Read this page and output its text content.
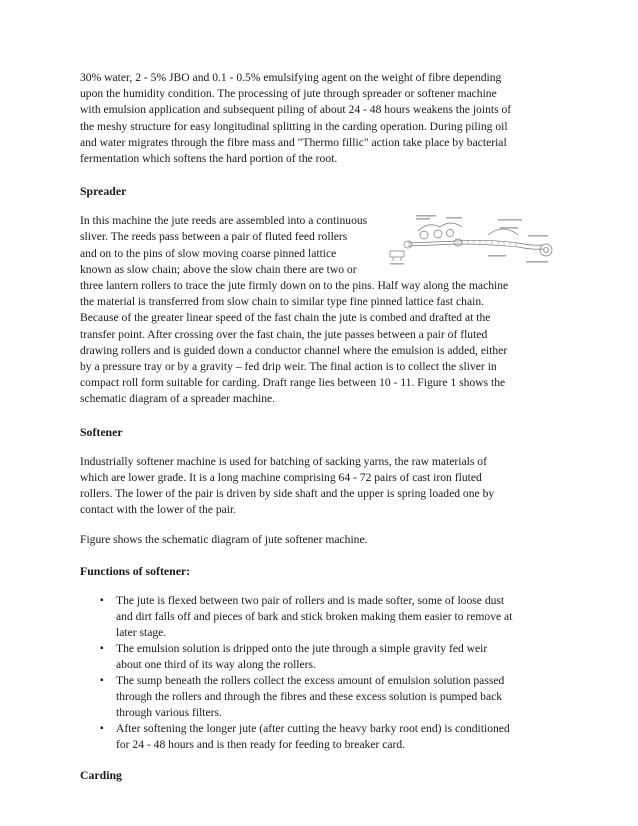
30% water, 2 - 5% JBO and 0.1 - 0.5% emulsifying agent on the weight of fibre depending

upon the humidity condition. The processing of jute through spreader or softener machine

with emulsion application and subsequent piling of about 24 - 48 hours weakens the joints of

the meshy structure for easy longitudinal splitting in the carding operation. During piling oil

and water migrates through the fibre mass and "Thermo fillic" action take place by bacterial

fermentation which softens the hard portion of the root.

Spreader

In this machine the jute reeds are assembled into a continuous

sliver. The reeds pass between a pair of fluted feed rollers

and on to the pins of slow moving coarse pinned lattice

known as slow chain; above the slow chain there are two or

three lantern rollers to trace the jute firmly down on to the pins. Half way along the machine

the material is transferred from slow chain to similar type fine pinned lattice fast chain.

Because of the greater linear speed of the fast chain the jute is combed and drafted at the

transfer point. After crossing over the fast chain, the jute passes between a pair of fluted

drawing rollers and is guided down a conductor channel where the emulsion is added, either

by a pressure tray or by a gravity – fed drip weir. The final action is to collect the sliver in

compact roll form suitable for carding. Draft range lies between 10 - 11. Figure 1 shows the

schematic diagram of a spreader machine.

Softener

Industrially softener machine is used for batching of sacking yarns, the raw materials of

which are lower grade. It is a long machine comprising 64 - 72 pairs of cast iron fluted

rollers. The lower of the pair is driven by side shaft and the upper is spring loaded one by

contact with the lower of the pair.

Figure shows the schematic diagram of jute softener machine.

Functions of softener:

▪ The jute is flexed between two pair of rollers and is made softer, some of loose dust
and dirt falls off and pieces of bark and stick broken making them easier to remove at
later stage.
▪ The emulsion solution is dripped onto the jute through a simple gravity fed weir
about one third of its way along the rollers.
▪ The sump beneath the rollers collect the excess amount of emulsion solution passed
through the rollers and through the fibres and these excess solution is pumped back
through various filters.
▪ After softening the longer jute (after cutting the heavy barky root end) is conditioned
for 24 - 48 hours and is then ready for feeding to breaker card.

Carding
